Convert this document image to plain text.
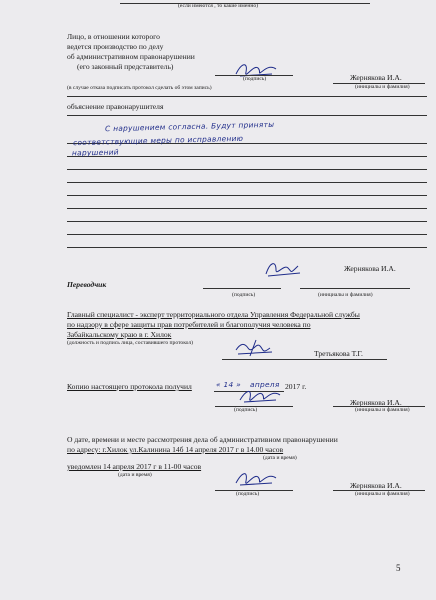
(если имеются , то какие именно)
Лицо, в отношении которого
ведется производство по делу
об административном правонарушении
(его законный представитель)
(подпись)	Жернякова И.А.
(инициалы и фамилия)
(в случае отказа подписать протокол сделать об этом запись)
объяснение правонарушителя
С нарушением согласна. Будут приняты
соответствующие меры по исправлению
нарушений
Жернякова И.А.
Переводчик
(подпись)	(инициалы и фамилия)
Главный специалист - эксперт территориального отдела Управления Федеральной службы
по надзору в сфере защиты прав потребителей и благополучия человека по
Забайкальскому краю в г. Хилок
(должность и подпись лица, составившего протокол)
Третьякова Т.Г.
Копию настоящего протокола получил	« 14 » апреля 2017 г.
Жернякова И.А.
(подпись)	(инициалы и фамилия)
О дате, времени и месте рассмотрения дела об административном правонарушении
по адресу: г.Хилок ул.Калинина 14б 14 апреля 2017 г в 14.00 часов
(дата и время)
уведомлен 14 апреля 2017 г в 11-00 часов
(дата и время)
Жернякова И.А.
(подпись)	(инициалы и фамилия)
5
